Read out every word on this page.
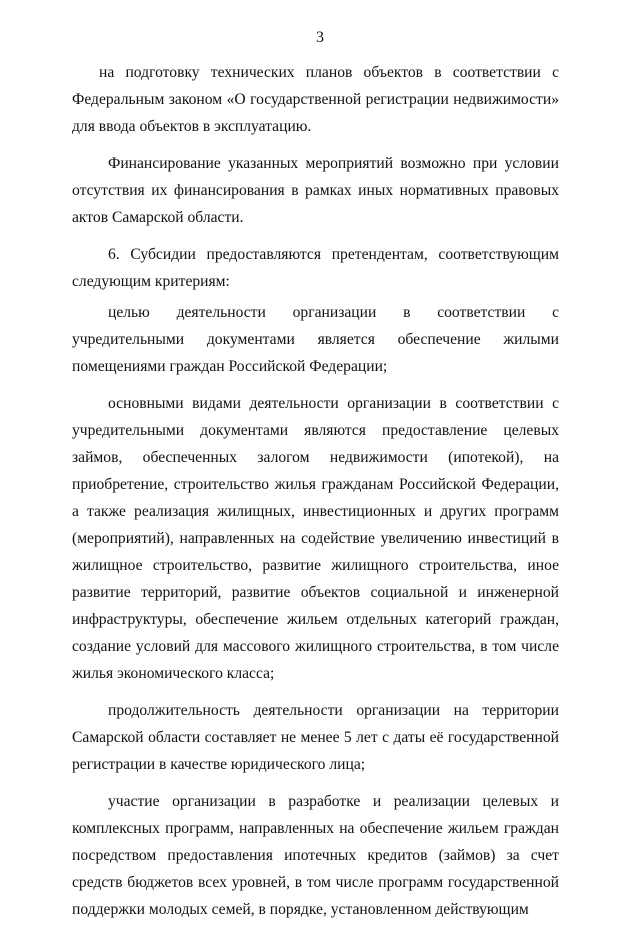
3

на подготовку технических планов объектов в соответствии с Федеральным законом «О государственной регистрации недвижимости» для ввода объектов в эксплуатацию.

Финансирование указанных мероприятий возможно при условии отсутствия их финансирования в рамках иных нормативных правовых актов Самарской области.

6. Субсидии предоставляются претендентам, соответствующим следующим критериям:

целью деятельности организации в соответствии с учредительными документами является обеспечение жилыми помещениями граждан Российской Федерации;

основными видами деятельности организации в соответствии с учредительными документами являются предоставление целевых займов, обеспеченных залогом недвижимости (ипотекой), на приобретение, строительство жилья гражданам Российской Федерации, а также реализация жилищных, инвестиционных и других программ (мероприятий), направленных на содействие увеличению инвестиций в жилищное строительство, развитие жилищного строительства, иное развитие территорий, развитие объектов социальной и инженерной инфраструктуры, обеспечение жильем отдельных категорий граждан, создание условий для массового жилищного строительства, в том числе жилья экономического класса;

продолжительность деятельности организации на территории Самарской области составляет не менее 5 лет с даты её государственной регистрации в качестве юридического лица;

участие организации в разработке и реализации целевых и комплексных программ, направленных на обеспечение жильем граждан посредством предоставления ипотечных кредитов (займов) за счет средств бюджетов всех уровней, в том числе программ государственной поддержки молодых семей, в порядке, установленном действующим
